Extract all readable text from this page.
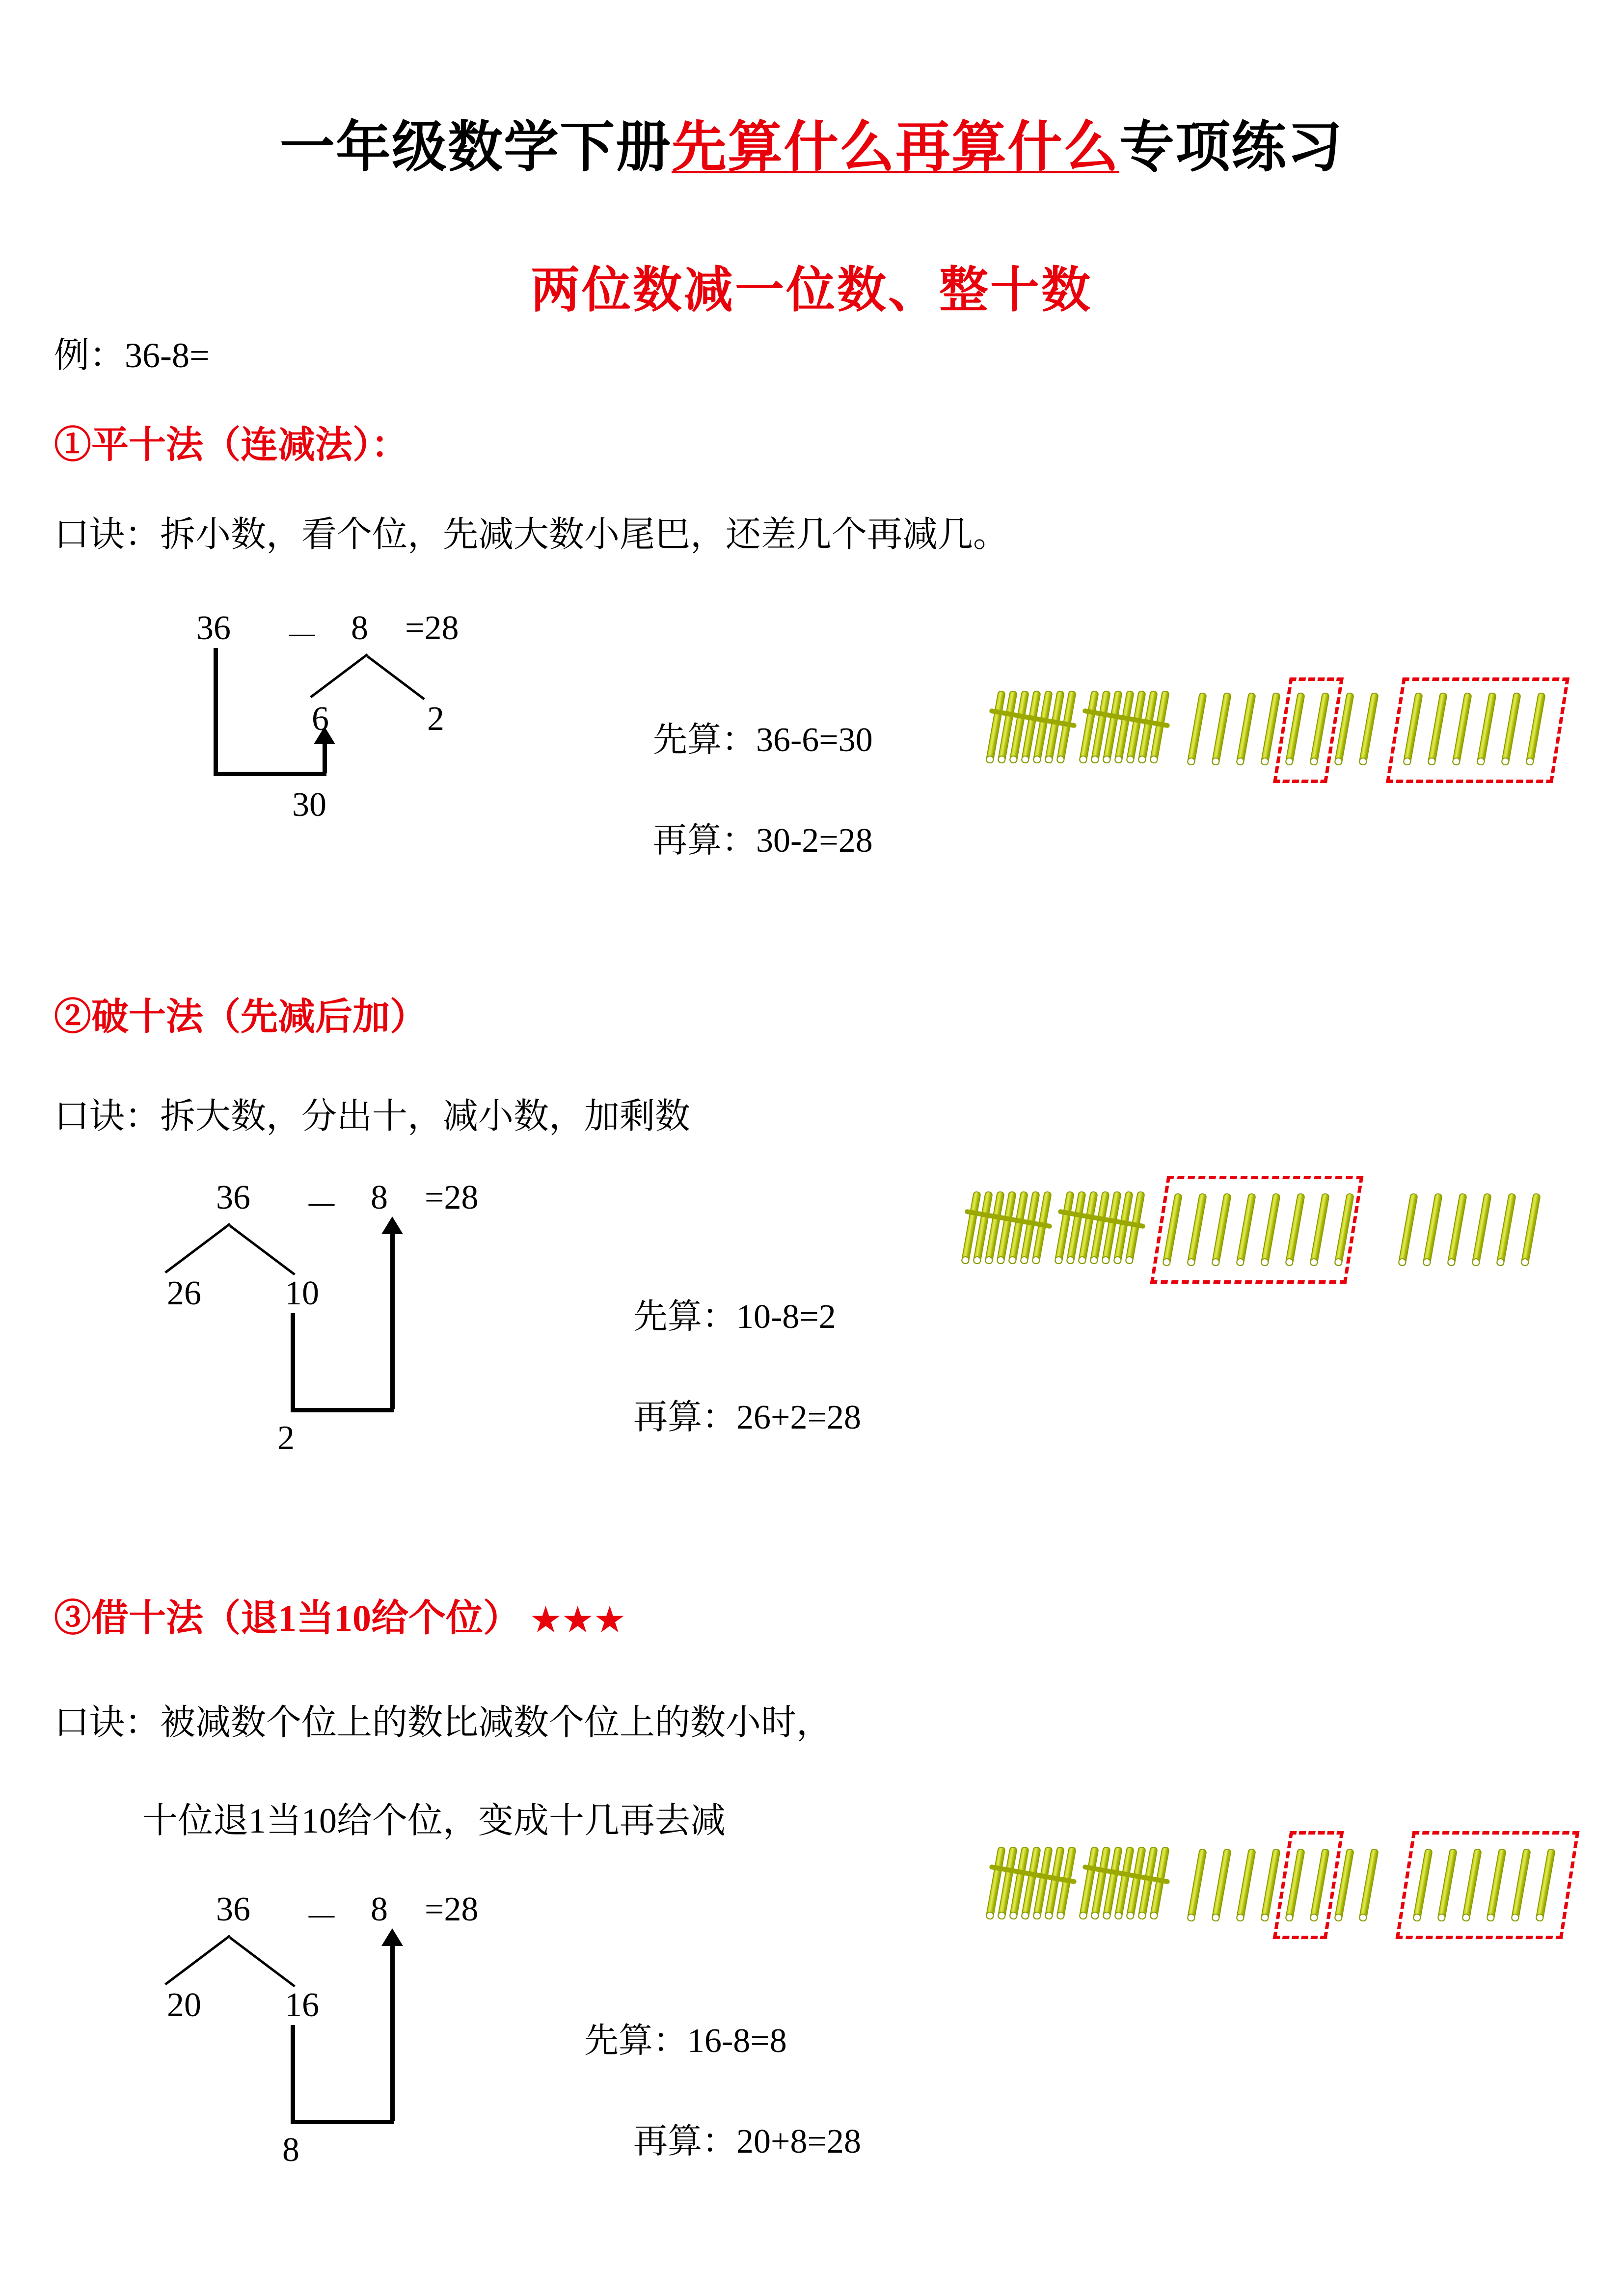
一年级数学下册先算什么再算什么专项练习
两位数减一位数、整十数
例：36-8=
①平十法（连减法）：
口诀：拆小数，看个位，先减大数小尾巴，还差几个再减几。
36 － 8 =28
6	2
30
先算：36-6=30
再算：30-2=28
②破十法（先减后加）
口诀：拆大数，分出十，减小数，加剩数
36 － 8 =28
26 10
2
先算：10-8=2
再算：26+2=28
③借十法（退1当10给个位） ★★★
口诀：被减数个位上的数比减数个位上的数小时，
十位退1当10给个位，变成十几再去减
36 － 8 =28
20 16
8
先算：16-8=8
再算：20+8=28
